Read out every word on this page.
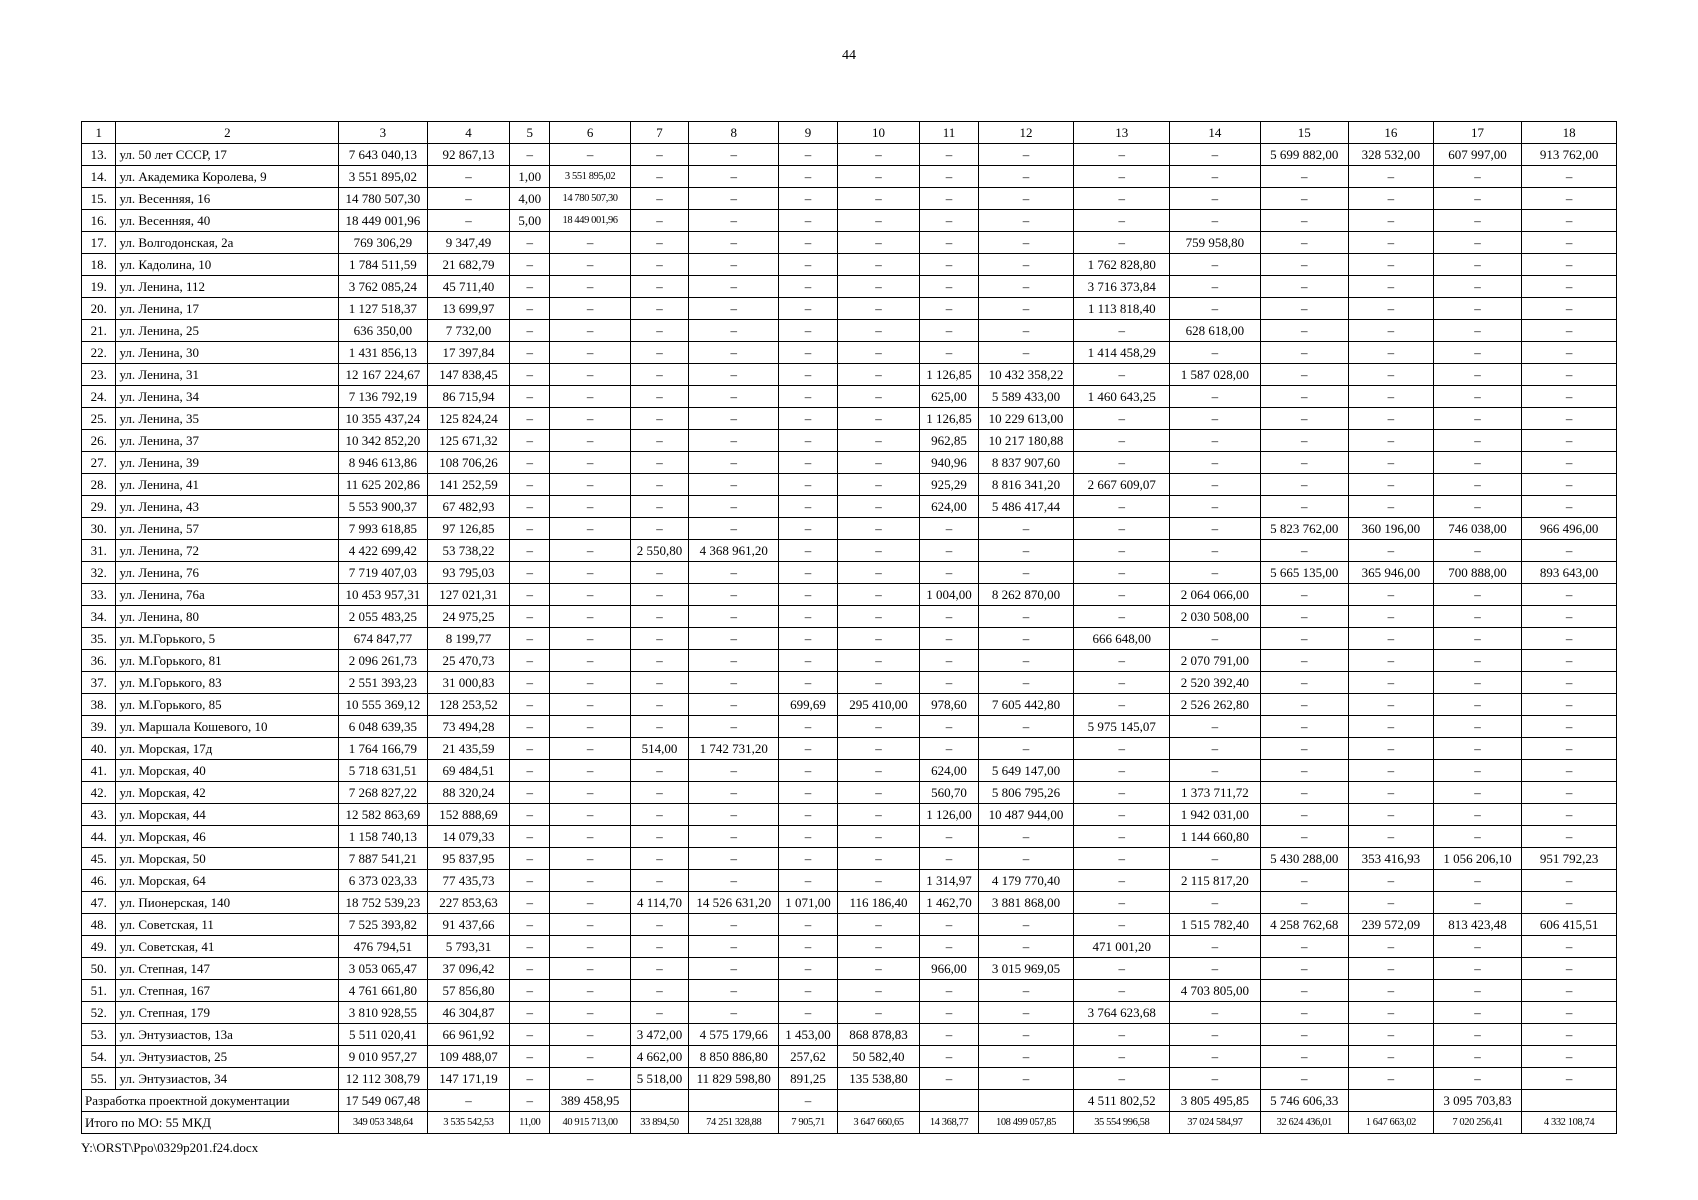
44
1	2	3	4	5	6	7	8	9	10	11	12	13	14	15	16	17	18
13.	ул. 50 лет СССР, 17	7 643 040,13	92 867,13	–	–	–	–	–	–	–	–	–	–	5 699 882,00	328 532,00	607 997,00	913 762,00
14.	ул. Академика Королева, 9	3 551 895,02	–	1,00	3 551 895,02	–	–	–	–	–	–	–	–	–	–	–	–
15.	ул. Весенняя, 16	14 780 507,30	–	4,00	14 780 507,30	–	–	–	–	–	–	–	–	–	–	–	–
16.	ул. Весенняя, 40	18 449 001,96	–	5,00	18 449 001,96	–	–	–	–	–	–	–	–	–	–	–	–
17.	ул. Волгодонская, 2а	769 306,29	9 347,49	–	–	–	–	–	–	–	–	–	759 958,80	–	–	–	–
18.	ул. Кадолина, 10	1 784 511,59	21 682,79	–	–	–	–	–	–	–	–	1 762 828,80	–	–	–	–	–
19.	ул. Ленина, 112	3 762 085,24	45 711,40	–	–	–	–	–	–	–	–	3 716 373,84	–	–	–	–	–
20.	ул. Ленина, 17	1 127 518,37	13 699,97	–	–	–	–	–	–	–	–	1 113 818,40	–	–	–	–	–
21.	ул. Ленина, 25	636 350,00	7 732,00	–	–	–	–	–	–	–	–	–	628 618,00	–	–	–	–
22.	ул. Ленина, 30	1 431 856,13	17 397,84	–	–	–	–	–	–	–	–	1 414 458,29	–	–	–	–	–
23.	ул. Ленина, 31	12 167 224,67	147 838,45	–	–	–	–	–	–	1 126,85	10 432 358,22	–	1 587 028,00	–	–	–	–
24.	ул. Ленина, 34	7 136 792,19	86 715,94	–	–	–	–	–	–	625,00	5 589 433,00	1 460 643,25	–	–	–	–	–
25.	ул. Ленина, 35	10 355 437,24	125 824,24	–	–	–	–	–	–	1 126,85	10 229 613,00	–	–	–	–	–	–
26.	ул. Ленина, 37	10 342 852,20	125 671,32	–	–	–	–	–	–	962,85	10 217 180,88	–	–	–	–	–	–
27.	ул. Ленина, 39	8 946 613,86	108 706,26	–	–	–	–	–	–	940,96	8 837 907,60	–	–	–	–	–	–
28.	ул. Ленина, 41	11 625 202,86	141 252,59	–	–	–	–	–	–	925,29	8 816 341,20	2 667 609,07	–	–	–	–	–
29.	ул. Ленина, 43	5 553 900,37	67 482,93	–	–	–	–	–	–	624,00	5 486 417,44	–	–	–	–	–	–
30.	ул. Ленина, 57	7 993 618,85	97 126,85	–	–	–	–	–	–	–	–	–	–	5 823 762,00	360 196,00	746 038,00	966 496,00
31.	ул. Ленина, 72	4 422 699,42	53 738,22	–	–	2 550,80	4 368 961,20	–	–	–	–	–	–	–	–	–	–
32.	ул. Ленина, 76	7 719 407,03	93 795,03	–	–	–	–	–	–	–	–	–	–	5 665 135,00	365 946,00	700 888,00	893 643,00
33.	ул. Ленина, 76а	10 453 957,31	127 021,31	–	–	–	–	–	–	1 004,00	8 262 870,00	–	2 064 066,00	–	–	–	–
34.	ул. Ленина, 80	2 055 483,25	24 975,25	–	–	–	–	–	–	–	–	–	2 030 508,00	–	–	–	–
35.	ул. М.Горького, 5	674 847,77	8 199,77	–	–	–	–	–	–	–	–	666 648,00	–	–	–	–	–
36.	ул. М.Горького, 81	2 096 261,73	25 470,73	–	–	–	–	–	–	–	–	–	2 070 791,00	–	–	–	–
37.	ул. М.Горького, 83	2 551 393,23	31 000,83	–	–	–	–	–	–	–	–	–	2 520 392,40	–	–	–	–
38.	ул. М.Горького, 85	10 555 369,12	128 253,52	–	–	–	–	699,69	295 410,00	978,60	7 605 442,80	–	2 526 262,80	–	–	–	–
39.	ул. Маршала Кошевого, 10	6 048 639,35	73 494,28	–	–	–	–	–	–	–	–	5 975 145,07	–	–	–	–	–
40.	ул. Морская, 17д	1 764 166,79	21 435,59	–	–	514,00	1 742 731,20	–	–	–	–	–	–	–	–	–	–
41.	ул. Морская, 40	5 718 631,51	69 484,51	–	–	–	–	–	–	624,00	5 649 147,00	–	–	–	–	–	–
42.	ул. Морская, 42	7 268 827,22	88 320,24	–	–	–	–	–	–	560,70	5 806 795,26	–	1 373 711,72	–	–	–	–
43.	ул. Морская, 44	12 582 863,69	152 888,69	–	–	–	–	–	–	1 126,00	10 487 944,00	–	1 942 031,00	–	–	–	–
44.	ул. Морская, 46	1 158 740,13	14 079,33	–	–	–	–	–	–	–	–	–	1 144 660,80	–	–	–	–
45.	ул. Морская, 50	7 887 541,21	95 837,95	–	–	–	–	–	–	–	–	–	–	5 430 288,00	353 416,93	1 056 206,10	951 792,23
46.	ул. Морская, 64	6 373 023,33	77 435,73	–	–	–	–	–	–	1 314,97	4 179 770,40	–	2 115 817,20	–	–	–	–
47.	ул. Пионерская, 140	18 752 539,23	227 853,63	–	–	4 114,70	14 526 631,20	1 071,00	116 186,40	1 462,70	3 881 868,00	–	–	–	–	–	–
48.	ул. Советская, 11	7 525 393,82	91 437,66	–	–	–	–	–	–	–	–	–	1 515 782,40	4 258 762,68	239 572,09	813 423,48	606 415,51
49.	ул. Советская, 41	476 794,51	5 793,31	–	–	–	–	–	–	–	–	471 001,20	–	–	–	–	–
50.	ул. Степная, 147	3 053 065,47	37 096,42	–	–	–	–	–	–	966,00	3 015 969,05	–	–	–	–	–	–
51.	ул. Степная, 167	4 761 661,80	57 856,80	–	–	–	–	–	–	–	–	–	4 703 805,00	–	–	–	–
52.	ул. Степная, 179	3 810 928,55	46 304,87	–	–	–	–	–	–	–	–	3 764 623,68	–	–	–	–	–
53.	ул. Энтузиастов, 13а	5 511 020,41	66 961,92	–	–	3 472,00	4 575 179,66	1 453,00	868 878,83	–	–	–	–	–	–	–	–
54.	ул. Энтузиастов, 25	9 010 957,27	109 488,07	–	–	4 662,00	8 850 886,80	257,62	50 582,40	–	–	–	–	–	–	–	–
55.	ул. Энтузиастов, 34	12 112 308,79	147 171,19	–	–	5 518,00	11 829 598,80	891,25	135 538,80	–	–	–	–	–	–	–	–
Разработка проектной документации		17 549 067,48	–	–	389 458,95			–				4 511 802,52	3 805 495,85	5 746 606,33		3 095 703,83	
Итого по МО: 55 МКД		349 053 348,64	3 535 542,53	11,00	40 915 713,00	33 894,50	74 251 328,88	7 905,71	3 647 660,65	14 368,77	108 499 057,85	35 554 996,58	37 024 584,97	32 624 436,01	1 647 663,02	7 020 256,41	4 332 108,74
Y:\ORST\Ppo\0329p201.f24.docx
